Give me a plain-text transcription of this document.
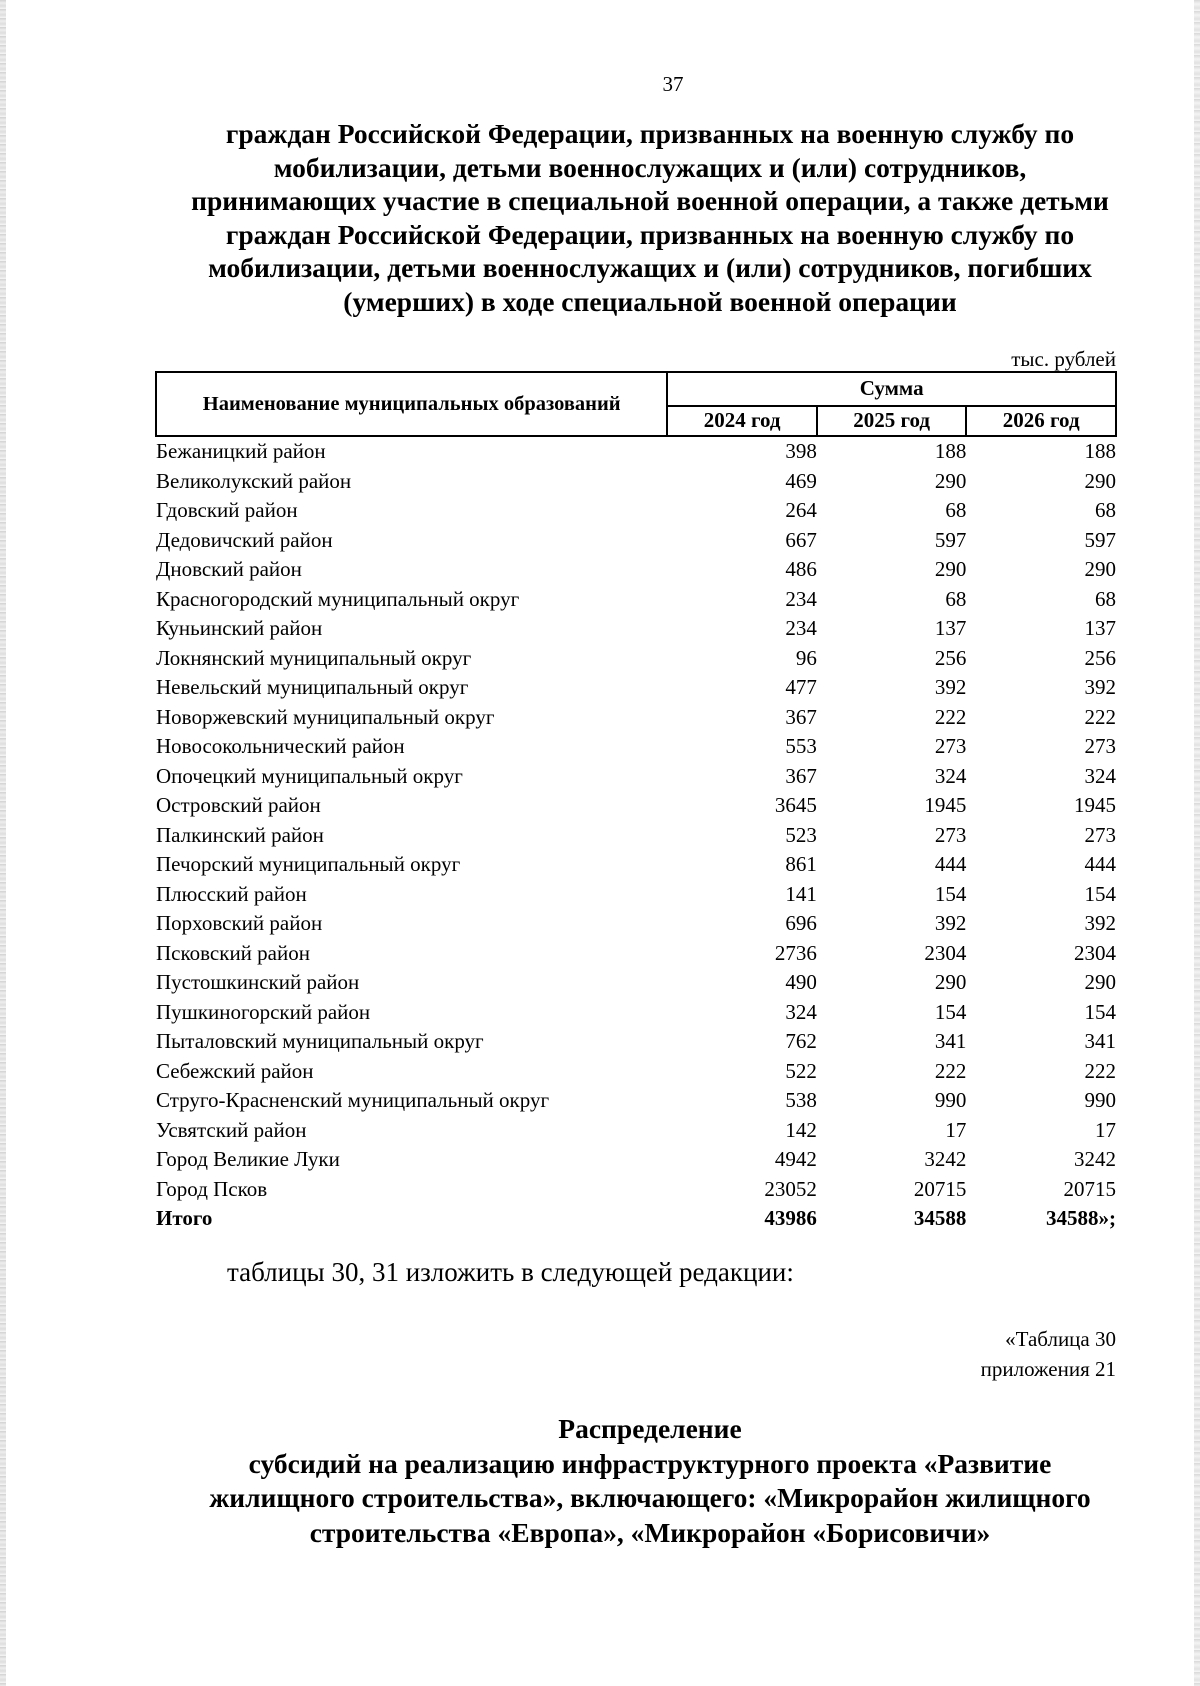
37
граждан Российской Федерации, призванных на военную службу по
мобилизации, детьми военнослужащих и (или) сотрудников,
принимающих участие в специальной военной операции, а также детьми
граждан Российской Федерации, призванных на военную службу по
мобилизации, детьми военнослужащих и (или) сотрудников, погибших
(умерших) в ходе специальной военной операции
тыс. рублей
Наименование муниципальных образований	Сумма		
	2024 год	2025 год	2026 год
Бежаницкий район	398	188	188
Великолукский район	469	290	290
Гдовский район	264	68	68
Дедовичский район	667	597	597
Дновский район	486	290	290
Красногородский муниципальный округ	234	68	68
Куньинский район	234	137	137
Локнянский муниципальный округ	96	256	256
Невельский муниципальный округ	477	392	392
Новоржевский муниципальный округ	367	222	222
Новосокольнический район	553	273	273
Опочецкий муниципальный округ	367	324	324
Островский район	3645	1945	1945
Палкинский район	523	273	273
Печорский муниципальный округ	861	444	444
Плюсский район	141	154	154
Порховский район	696	392	392
Псковский район	2736	2304	2304
Пустошкинский район	490	290	290
Пушкиногорский район	324	154	154
Пыталовский муниципальный округ	762	341	341
Себежский район	522	222	222
Струго-Красненский муниципальный округ	538	990	990
Усвятский район	142	17	17
Город Великие Луки	4942	3242	3242
Город Псков	23052	20715	20715
Итого	43986	34588	34588»;
таблицы 30, 31 изложить в следующей редакции:
«Таблица 30
приложения 21
Распределение
субсидий на реализацию инфраструктурного проекта «Развитие
жилищного строительства», включающего: «Микрорайон жилищного
строительства «Европа», «Микрорайон «Борисовичи»
